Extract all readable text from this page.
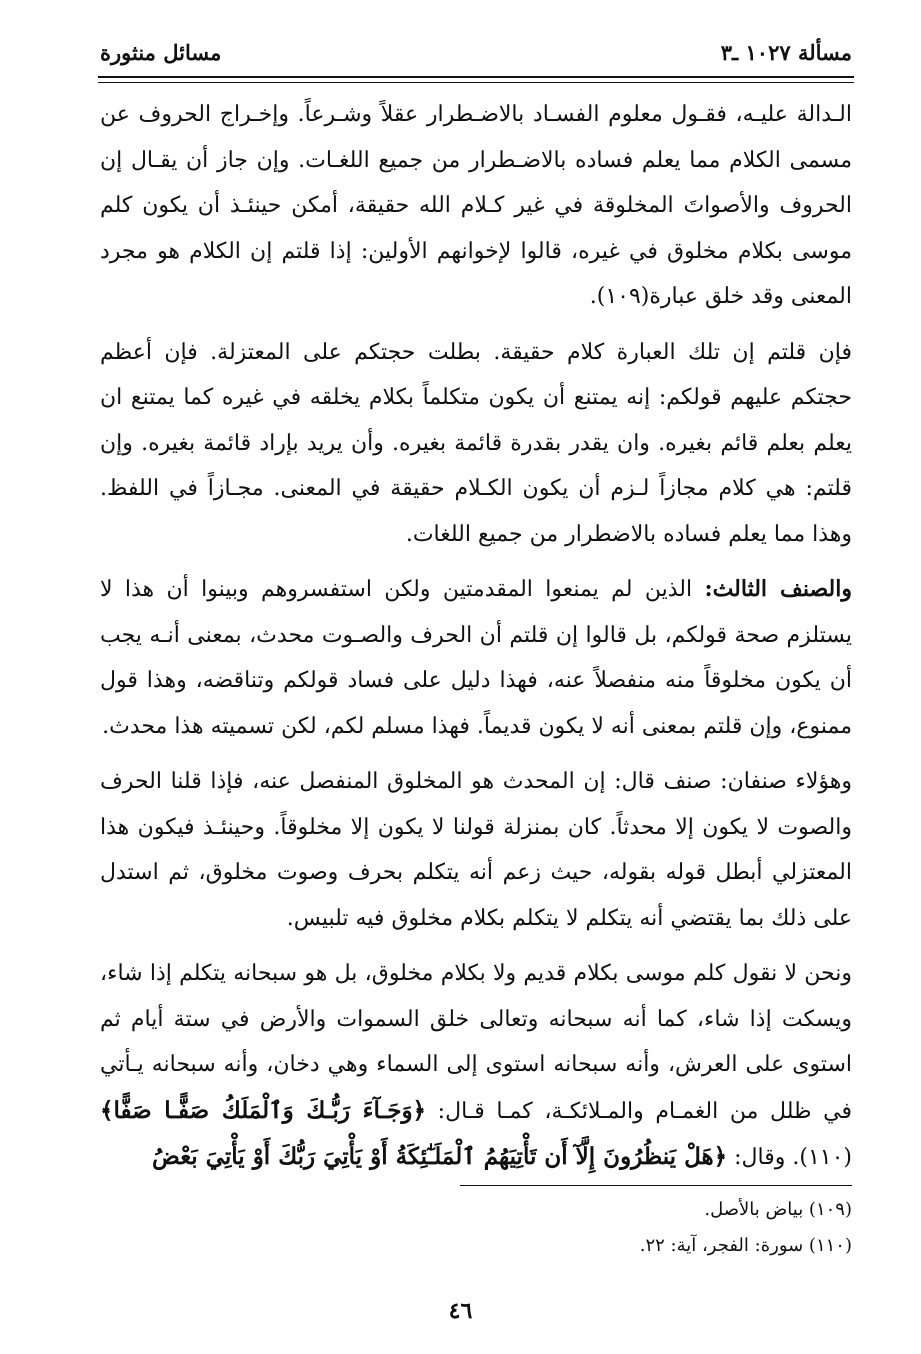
مسألة ١٠٢٧ ـ٣
مسائل منثورة

الـدالة عليـه، فقـول معلوم الفسـاد بالاضـطرار عقلاً وشـرعاً. وإخـراج الحروف عن مسمى الكلام مما يعلم فساده بالاضـطرار من جميع اللغـات. وإن جاز أن يقـال إن الحروف والأصواتَ المخلوقة في غير كـلام الله حقيقة، أمكن حينئـذ أن يكون كلم موسى بكلام مخلوق في غيره، قالوا لإخوانهم الأولين: إذا قلتم إن الكلام هو مجرد المعنى وقد خلق عبارة(١٠٩).

فإن قلتم إن تلك العبارة كلام حقيقة. بطلت حجتكم على المعتزلة. فإن أعظم حجتكم عليهم قولكم: إنه يمتنع أن يكون متكلماً بكلام يخلقه في غيره كما يمتنع ان يعلم بعلم قائم بغيره. وان يقدر بقدرة قائمة بغيره. وأن يريد بإراد قائمة بغيره. وإن قلتم: هي كلام مجازاً لـزم أن يكون الكـلام حقيقة في المعنى. مجـازاً في اللفظ. وهذا مما يعلم فساده بالاضطرار من جميع اللغات.

والصنف الثالث: الذين لم يمنعوا المقدمتين ولكن استفسروهم وبينوا أن هذا لا يستلزم صحة قولكم، بل قالوا إن قلتم أن الحرف والصـوت محدث، بمعنى أنـه يجب أن يكون مخلوقاً منه منفصلاً عنه، فهذا دليل على فساد قولكم وتناقضه، وهذا قول ممنوع، وإن قلتم بمعنى أنه لا يكون قديماً. فهذا مسلم لكم، لكن تسميته هذا محدث.

وهؤلاء صنفان: صنف قال: إن المحدث هو المخلوق المنفصل عنه، فإذا قلنا الحرف والصوت لا يكون إلا محدثاً. كان بمنزلة قولنا لا يكون إلا مخلوقاً. وحينئـذ فيكون هذا المعتزلي أبطل قوله بقوله، حيث زعم أنه يتكلم بحرف وصوت مخلوق، ثم استدل على ذلك بما يقتضي أنه يتكلم لا يتكلم بكلام مخلوق فيه تلبيس.

ونحن لا نقول كلم موسى بكلام قديم ولا بكلام مخلوق، بل هو سبحانه يتكلم إذا شاء، ويسكت إذا شاء، كما أنه سبحانه وتعالى خلق السموات والأرض في ستة أيام ثم استوى على العرش، وأنه سبحانه استوى إلى السماء وهي دخان، وأنه سبحانه يـأتي في ظلل من الغمـام والمـلائكـة، كمـا قـال: ﴿وَجَـآءَ رَبُّـكَ وَٱلْمَلَكُ صَفًّـا صَفًّا﴾(١١٠). وقال: ﴿هَلْ يَنظُرُونَ إِلَّآ أَن تَأْتِيَهُمُ ٱلْمَلَـٰٓئِكَةُ أَوْ يَأْتِيَ رَبُّكَ أَوْ يَأْتِيَ بَعْضُ

(١٠٩) بياض بالأصل.
(١١٠) سورة: الفجر، آية: ٢٢.
٤٦
